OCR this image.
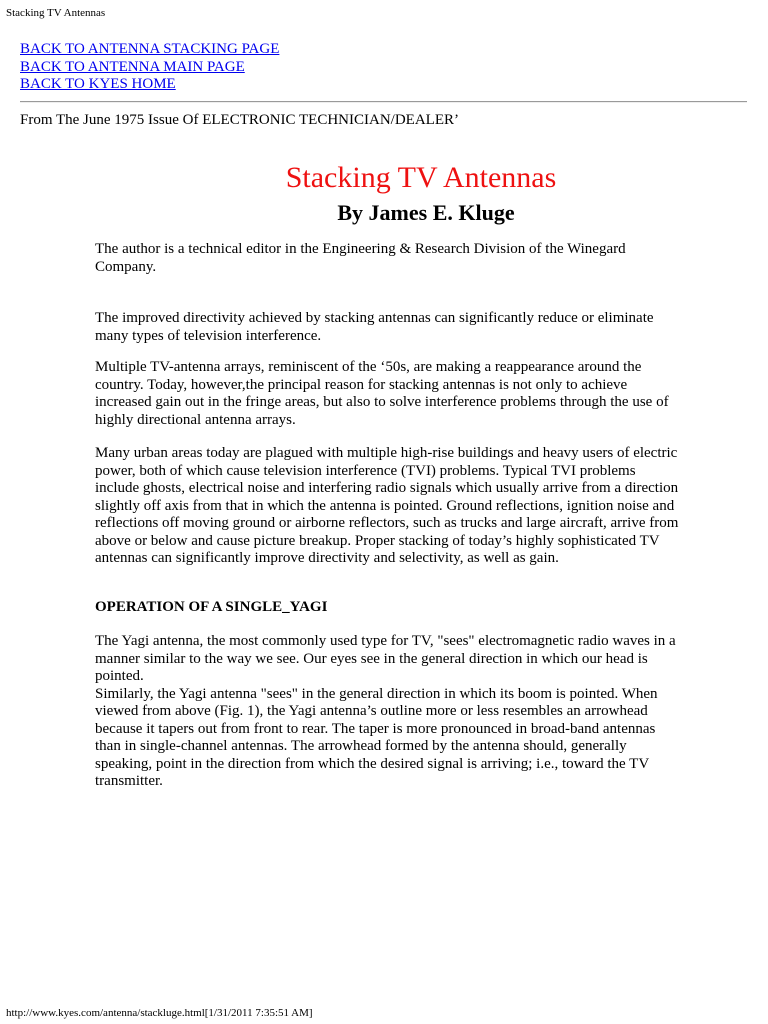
Stacking TV Antennas
BACK TO ANTENNA STACKING PAGE
BACK TO ANTENNA MAIN PAGE
BACK TO KYES HOME
From The June 1975 Issue Of ELECTRONIC TECHNICIAN/DEALER’
Stacking TV Antennas
By James E. Kluge

The author is a technical editor in the Engineering & Research Division of the Winegard Company.

The improved directivity achieved by stacking antennas can significantly reduce or eliminate many types of television interference.

Multiple TV-antenna arrays, reminiscent of the ‘50s, are making a reappearance around the country. Today, however,the principal reason for stacking antennas is not only to achieve increased gain out in the fringe areas, but also to solve interference problems through the use of highly directional antenna arrays.

Many urban areas today are plagued with multiple high-rise buildings and heavy users of electric power, both of which cause television interference (TVI) problems. Typical TVI problems include ghosts, electrical noise and interfering radio signals which usually arrive from a direction slightly off axis from that in which the antenna is pointed. Ground reflections, ignition noise and reflections off moving ground or airborne reflectors, such as trucks and large aircraft, arrive from above or below and cause picture breakup. Proper stacking of today’s highly sophisticated TV antennas can significantly improve directivity and selectivity, as well as gain.

OPERATION OF A SINGLE_YAGI

The Yagi antenna, the most commonly used type for TV, "sees" electromagnetic radio waves in a manner similar to the way we see. Our eyes see in the general direction in which our head is pointed.

Similarly, the Yagi antenna "sees" in the general direction in which its boom is pointed. When viewed from above (Fig. 1), the Yagi antenna’s outline more or less resembles an arrowhead because it tapers out from front to rear. The taper is more pronounced in broad-band antennas than in single-channel antennas. The arrowhead formed by the antenna should, generally speaking, point in the direction from which the desired signal is arriving; i.e., toward the TV transmitter.

http://www.kyes.com/antenna/stackluge.html[1/31/2011 7:35:51 AM]
